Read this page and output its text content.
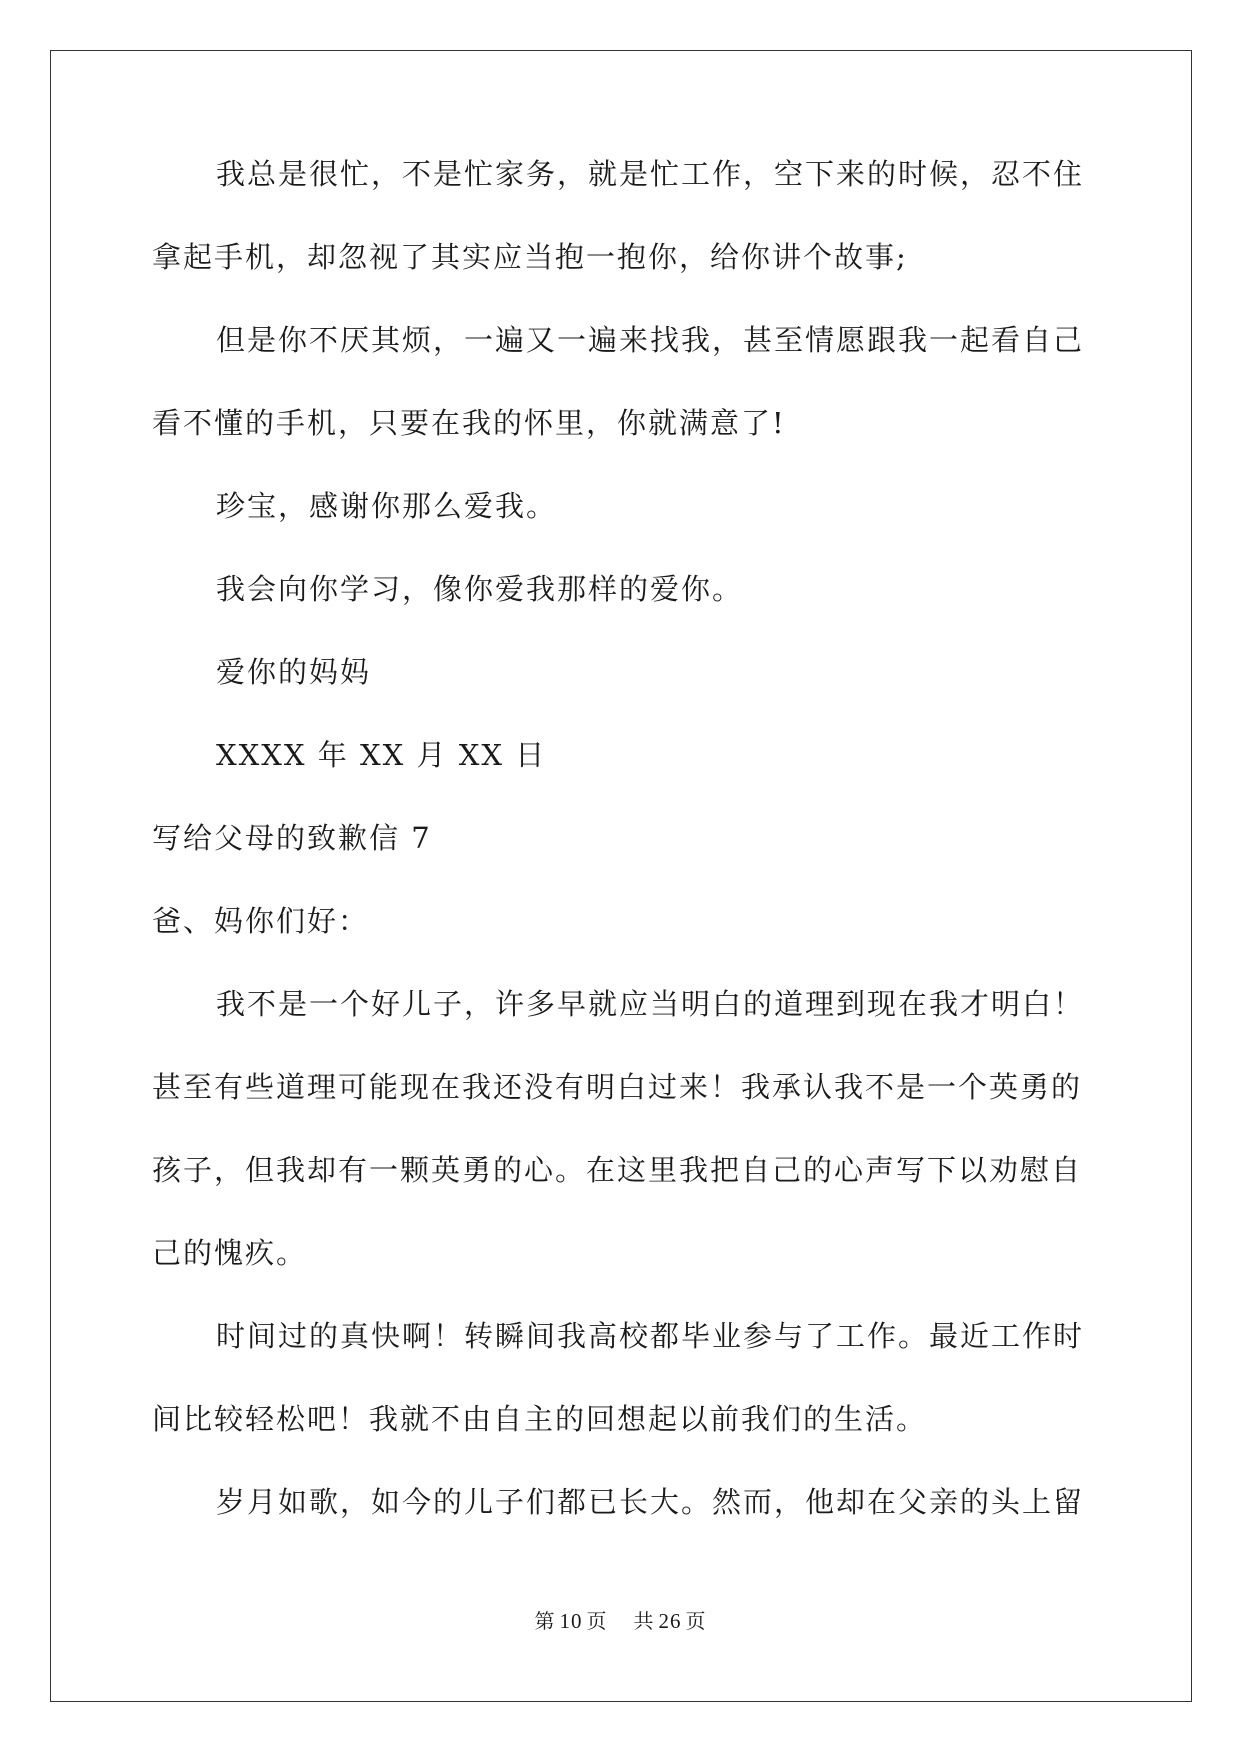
我总是很忙，不是忙家务，就是忙工作，空下来的时候，忍不住
拿起手机，却忽视了其实应当抱一抱你，给你讲个故事;
但是你不厌其烦，一遍又一遍来找我，甚至情愿跟我一起看自己
看不懂的手机，只要在我的怀里，你就满意了!
珍宝，感谢你那么爱我。
我会向你学习，像你爱我那样的爱你。
爱你的妈妈
XXXX 年 XX 月 XX 日
写给父母的致歉信 7
爸、妈你们好：
我不是一个好儿子，许多早就应当明白的道理到现在我才明白！
甚至有些道理可能现在我还没有明白过来！我承认我不是一个英勇的
孩子，但我却有一颗英勇的心。在这里我把自己的心声写下以劝慰自
己的愧疚。
时间过的真快啊！转瞬间我高校都毕业参与了工作。最近工作时
间比较轻松吧！我就不由自主的回想起以前我们的生活。
岁月如歌，如今的儿子们都已长大。然而，他却在父亲的头上留
第 10 页 共 26 页
